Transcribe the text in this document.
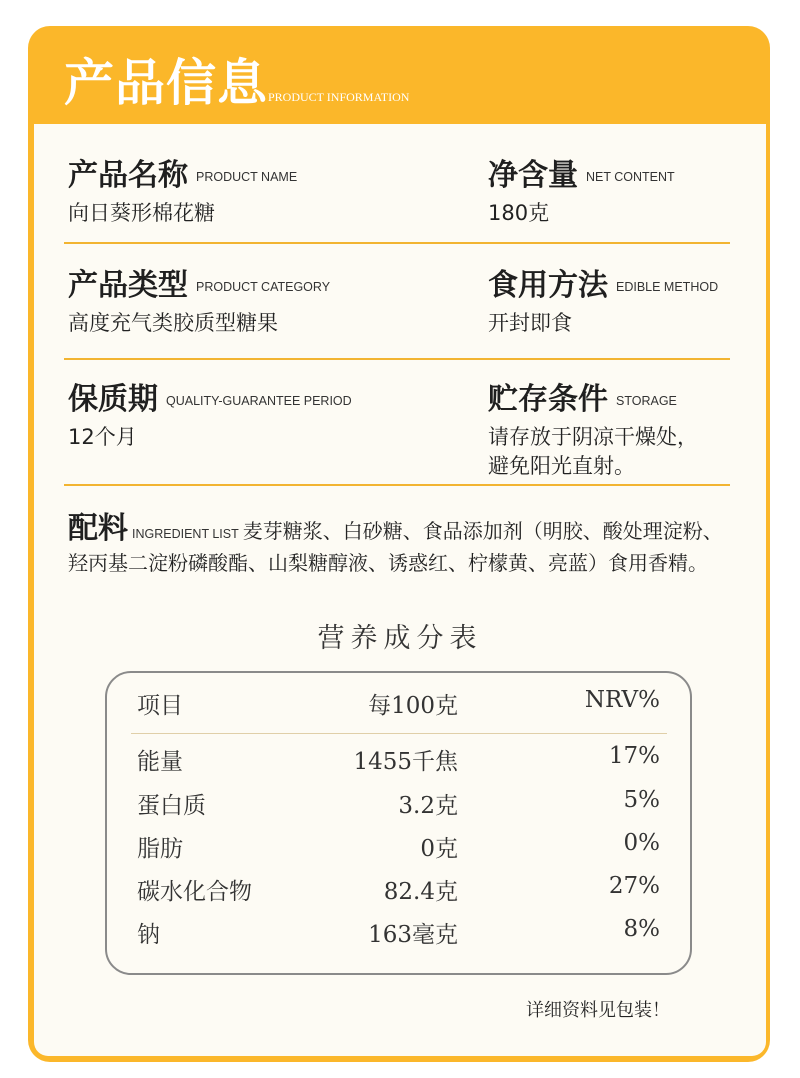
产品信息 PRODUCT INFORMATION
产品名称 PRODUCT NAME
向日葵形棉花糖
净含量 NET CONTENT
180克
产品类型 PRODUCT CATEGORY
高度充气类胶质型糖果
食用方法 EDIBLE METHOD
开封即食
保质期 QUALITY-GUARANTEE PERIOD
12个月
贮存条件 STORAGE
请存放于阴凉干燥处，
避免阳光直射。
配料 INGREDIENT LIST 麦芽糖浆、白砂糖、食品添加剂（明胶、酸处理淀粉、羟丙基二淀粉磷酸酯、山梨糖醇液、诱惑红、柠檬黄、亮蓝）食用香精。
营养成分表
项目	每100克	NRV%
能量	1455千焦	17%
蛋白质	3.2克	5%
脂肪	0克	0%
碳水化合物	82.4克	27%
钠	163毫克	8%
详细资料见包装！
